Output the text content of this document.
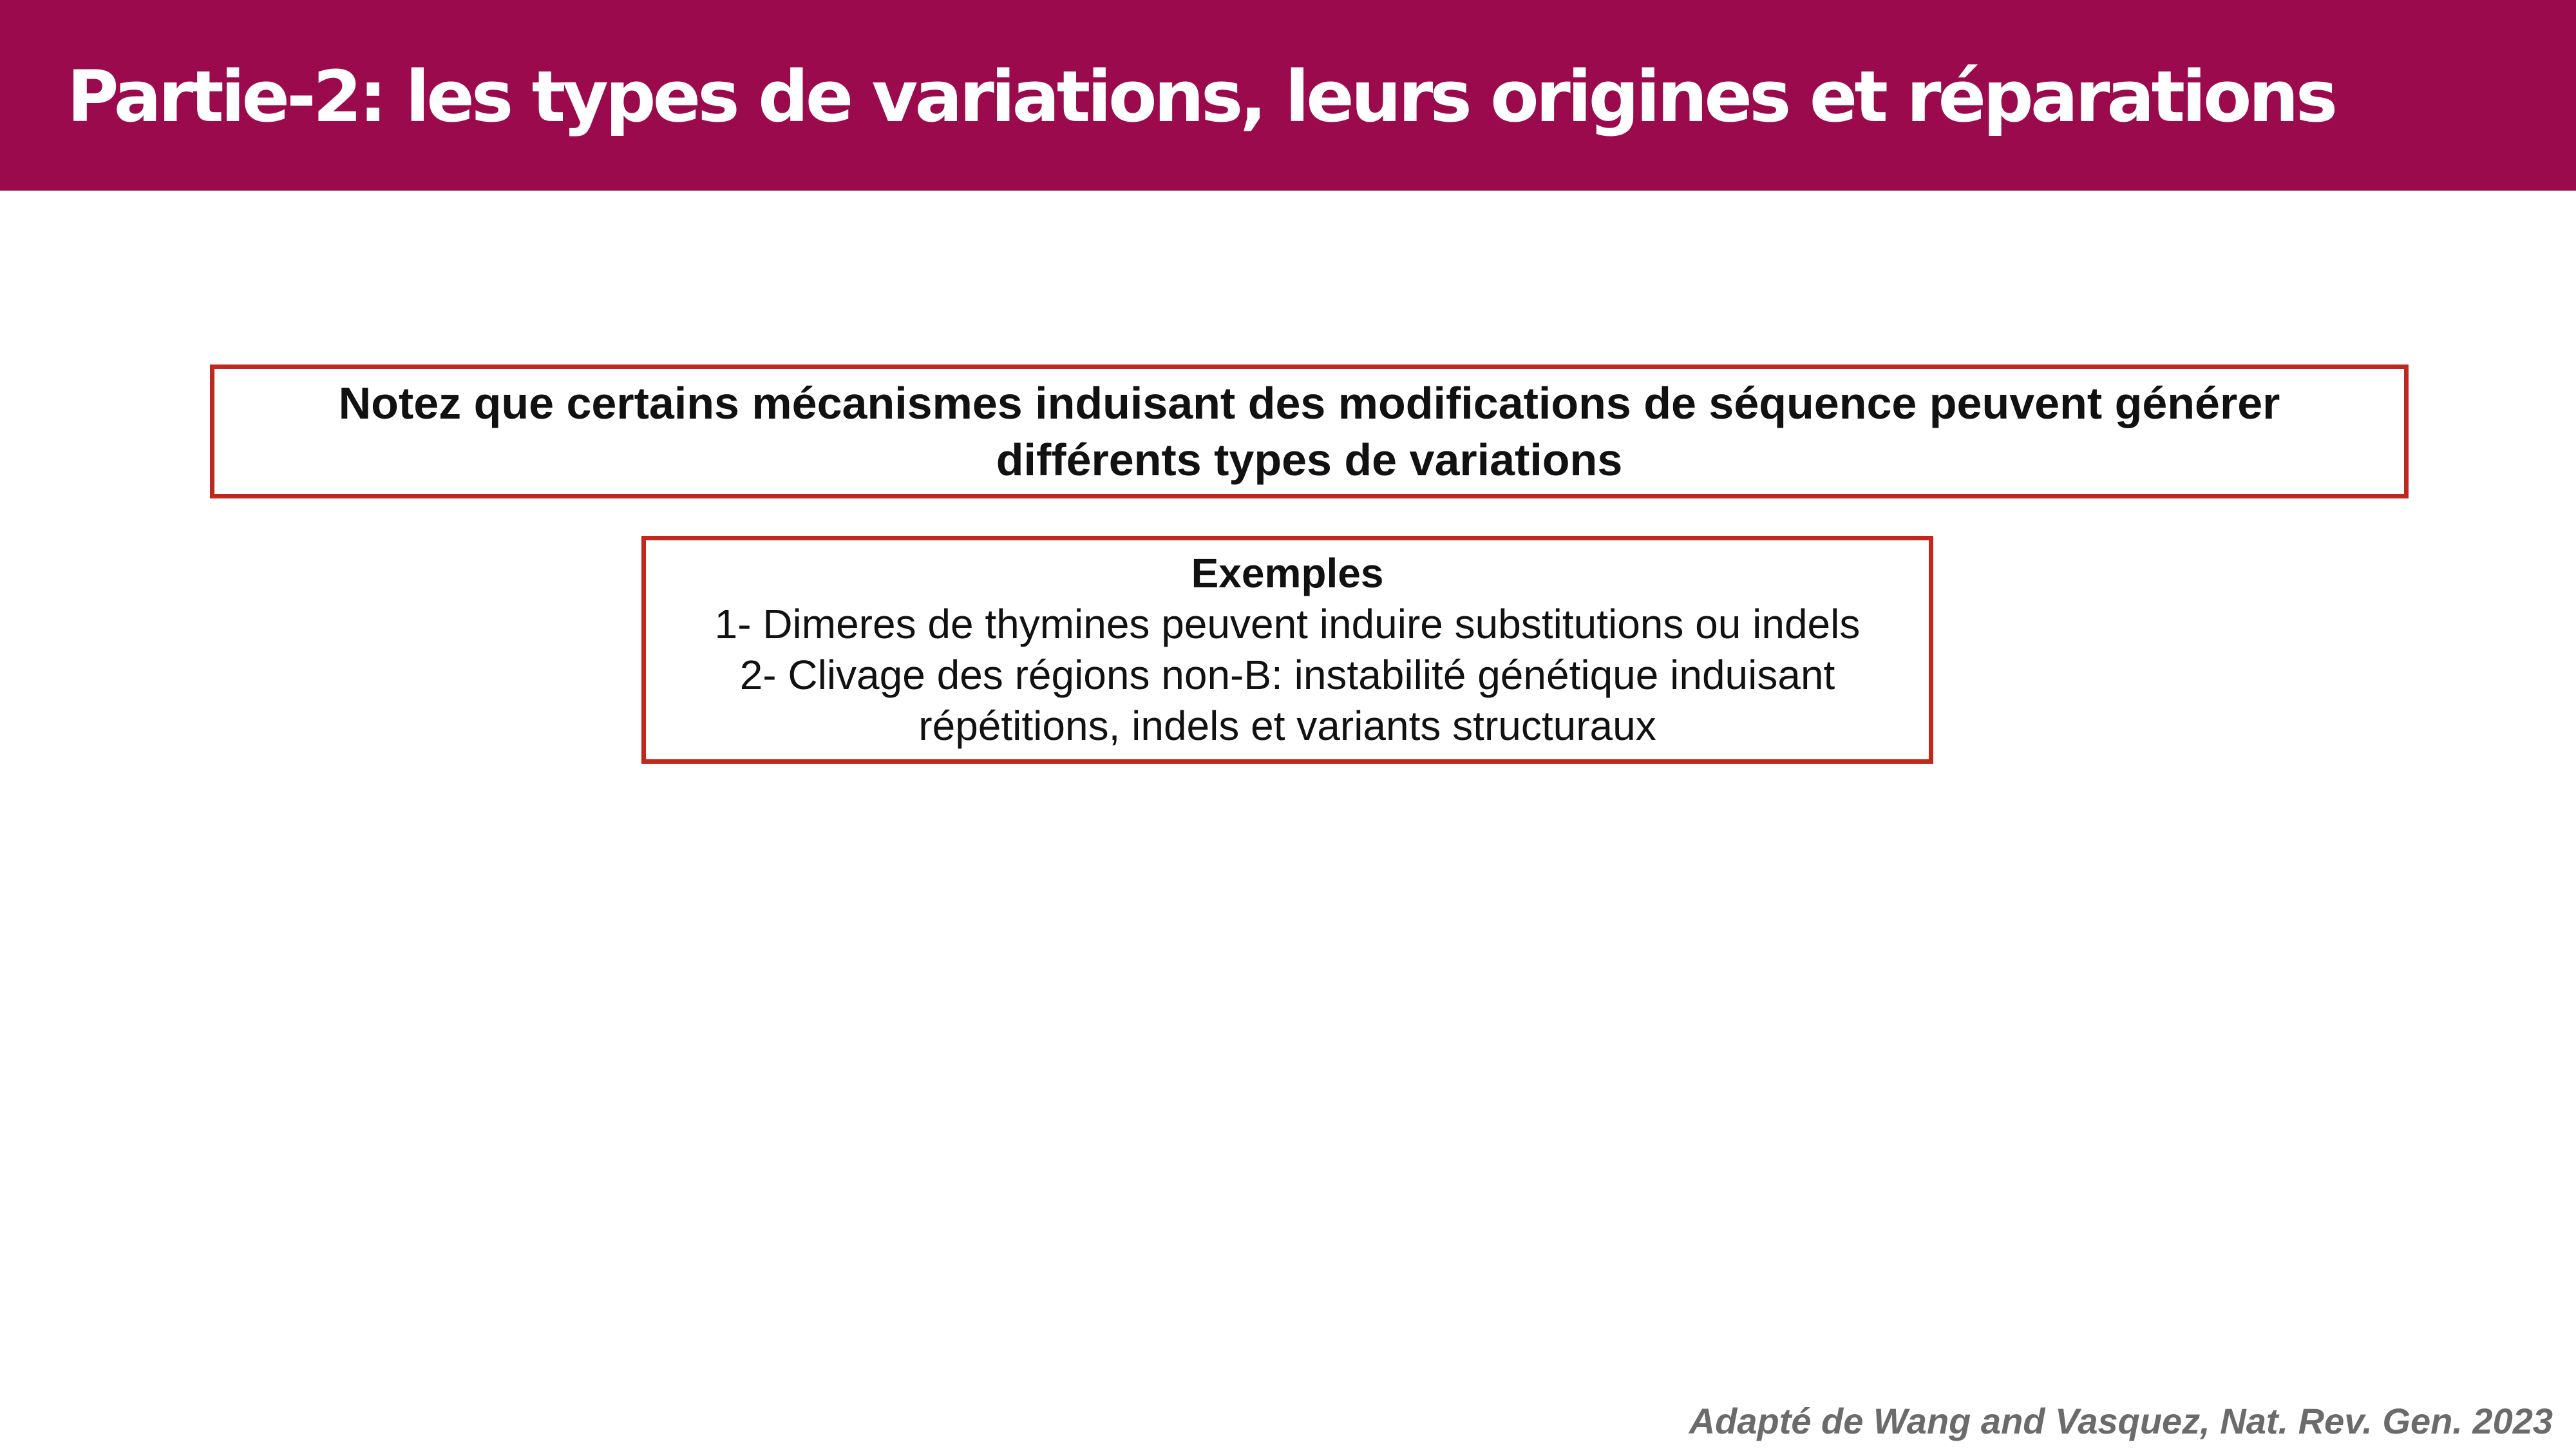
Partie-2: les types de variations, leurs origines et réparations
Notez que certains mécanismes induisant des modifications de séquence peuvent générer
différents types de variations
Exemples
1- Dimeres de thymines peuvent induire substitutions ou indels
2- Clivage des régions non-B: instabilité génétique induisant
répétitions, indels et variants structuraux
Adapté de Wang and Vasquez, Nat. Rev. Gen. 2023
